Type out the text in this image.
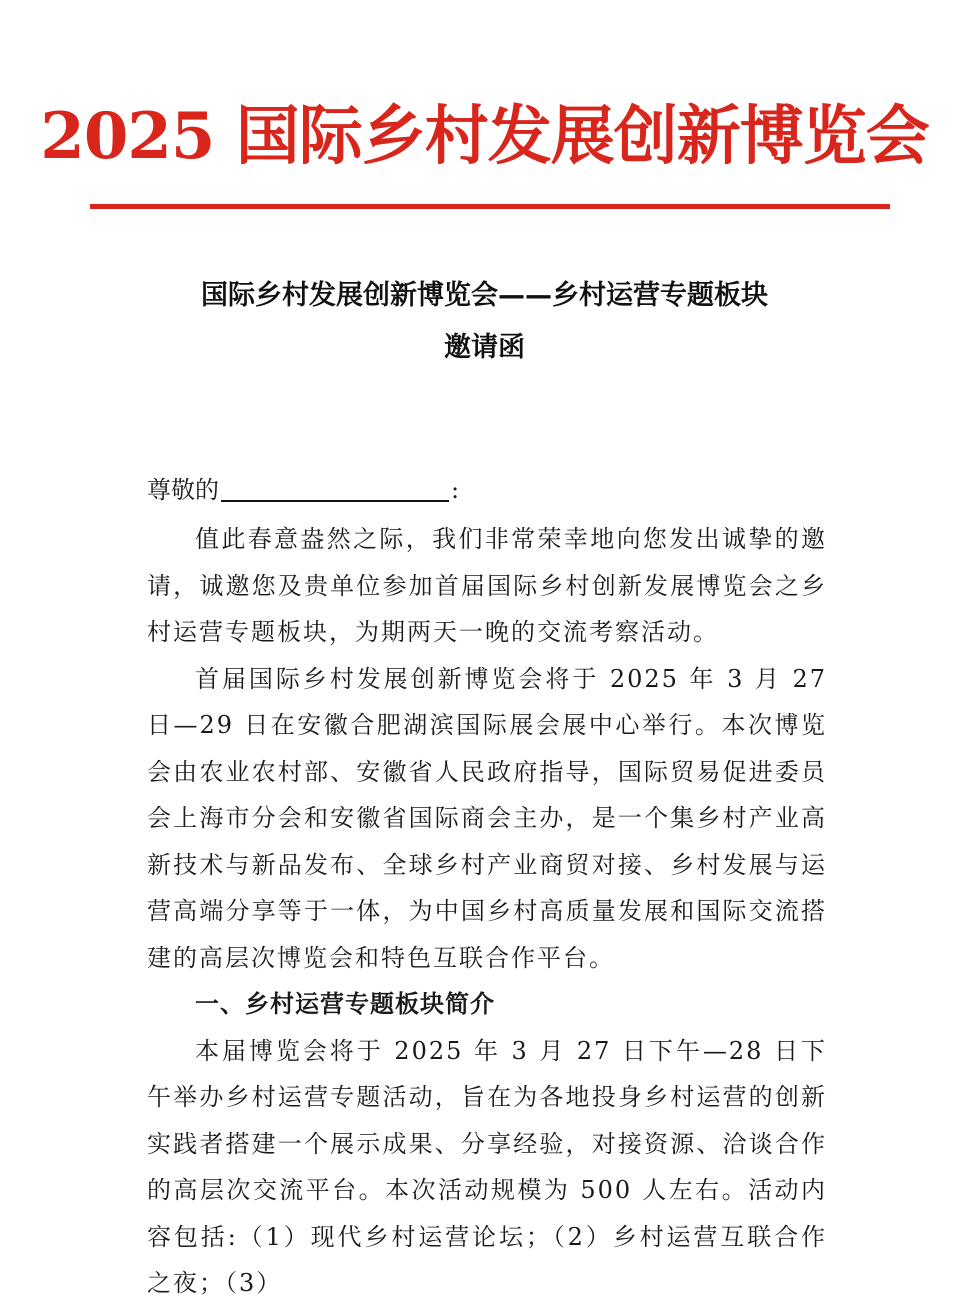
2025 国际乡村发展创新博览会
国际乡村发展创新博览会——乡村运营专题板块
邀请函
尊敬的	:

值此春意盎然之际，我们非常荣幸地向您发出诚挚的邀请，诚邀您及贵单位参加首届国际乡村创新发展博览会之乡村运营专题板块，为期两天一晚的交流考察活动。

首届国际乡村发展创新博览会将于 2025 年 3 月 27 日—29 日在安徽合肥湖滨国际展会展中心举行。本次博览会由农业农村部、安徽省人民政府指导，国际贸易促进委员会上海市分会和安徽省国际商会主办，是一个集乡村产业高新技术与新品发布、全球乡村产业商贸对接、乡村发展与运营高端分享等于一体，为中国乡村高质量发展和国际交流搭建的高层次博览会和特色互联合作平台。

一、乡村运营专题板块简介

本届博览会将于 2025 年 3 月 27 日下午—28 日下午举办乡村运营专题活动，旨在为各地投身乡村运营的创新实践者搭建一个展示成果、分享经验，对接资源、洽谈合作的高层次交流平台。本次活动规模为 500 人左右。活动内容包括:（1）现代乡村运营论坛；（2）乡村运营互联合作之夜；（3）
